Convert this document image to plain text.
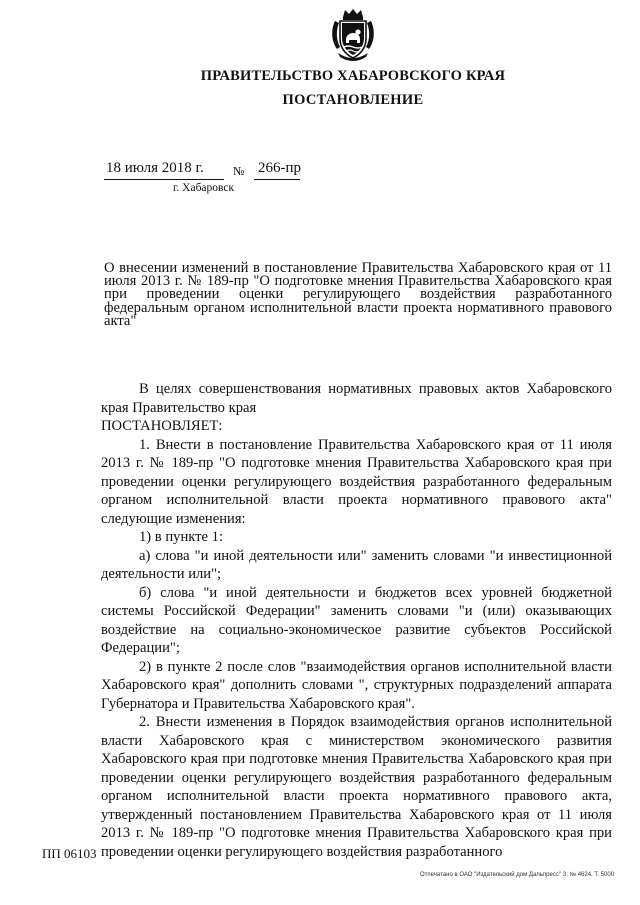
ПРАВИТЕЛЬСТВО ХАБАРОВСКОГО КРАЯ
ПОСТАНОВЛЕНИЕ
18 июля 2018 г. № 266-пр
г. Хабаровск
О внесении изменений в постановление Правительства Хабаровского края от 11 июля 2013 г. № 189-пр "О подготовке мнения Правительства Хабаровского края при проведении оценки регулирующего воздействия разработанного федеральным органом исполнительной власти проекта нормативного правового акта"

В целях совершенствования нормативных правовых актов Хабаровского края Правительство края

ПОСТАНОВЛЯЕТ:

1. Внести в постановление Правительства Хабаровского края от 11 июля 2013 г. № 189-пр "О подготовке мнения Правительства Хабаровского края при проведении оценки регулирующего воздействия разработанного федеральным органом исполнительной власти проекта нормативного правового акта" следующие изменения:

1) в пункте 1:

а) слова "и иной деятельности или" заменить словами "и инвестиционной деятельности или";

б) слова "и иной деятельности и бюджетов всех уровней бюджетной системы Российской Федерации" заменить словами "и (или) оказывающих воздействие на социально-экономическое развитие субъектов Российской Федерации";

2) в пункте 2 после слов "взаимодействия органов исполнительной власти Хабаровского края" дополнить словами ", структурных подразделений аппарата Губернатора и Правительства Хабаровского края".

2. Внести изменения в Порядок взаимодействия органов исполнительной власти Хабаровского края с министерством экономического развития Хабаровского края при подготовке мнения Правительства Хабаровского края при проведении оценки регулирующего воздействия разработанного федеральным органом исполнительной власти проекта нормативного правового акта, утвержденный постановлением Правительства Хабаровского края от 11 июля 2013 г. № 189-пр "О подготовке мнения Правительства Хабаровского края при проведении оценки регулирующего воздействия разработанного

ПП 06103
Отпечатано в ОАО "Издательский дом Дальпресс" З. № 4624. Т. 5000
